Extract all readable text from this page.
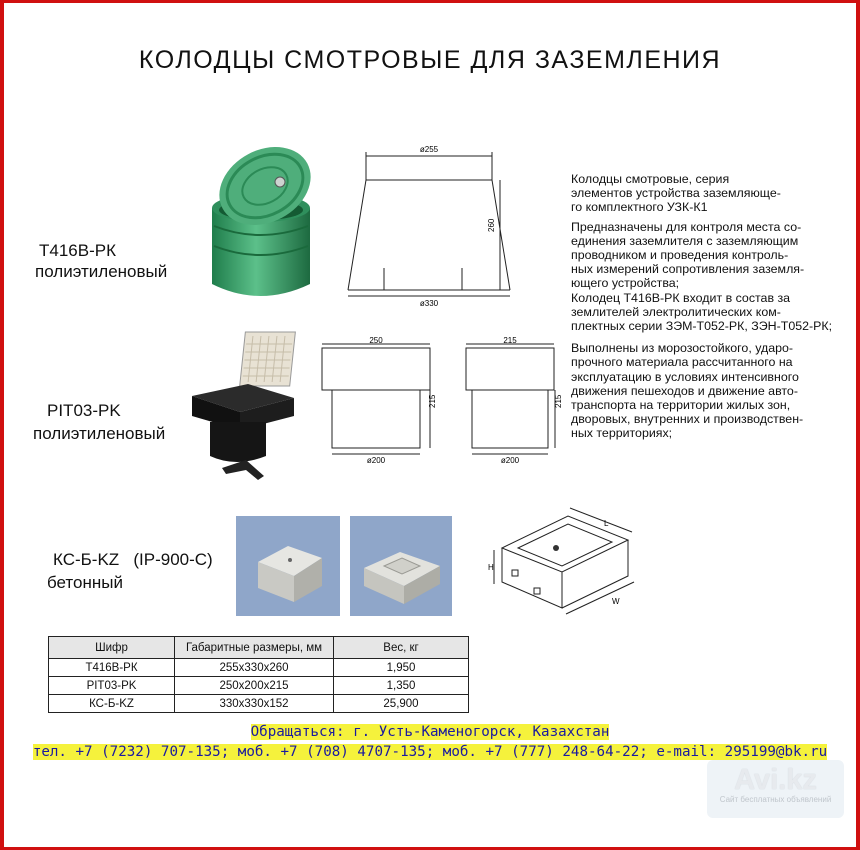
КОЛОДЦЫ СМОТРОВЫЕ ДЛЯ ЗАЗЕМЛЕНИЯ
Т416В-РК
полиэтиленовый
ø255
ø330
260
PIT03-PK
полиэтиленовый
250
ø200
215
215
ø200
215

Колодцы смотровые, серия
элементов устройства заземляюще-
го комплектного УЗК-К1

Предназначены для контроля места со-
единения заземлителя с заземляющим
проводником и проведения контроль-
ных измерений сопротивления заземля-
ющего устройства;
Колодец Т416В-РК входит в состав за
землителей электролитических ком-
плектных серии ЗЭМ-Т052-РК, ЗЭН-Т052-РК;

Выполнены из морозостойкого, ударо-
прочного материала рассчитанного на
эксплуатацию в условиях интенсивного
движения пешеходов и движение авто-
транспорта на территории жилых зон,
дворовых, внутренних и производствен-
ных территориях;

КС-Б-KZ   (IP-900-C)
бетонный
L
H
W
Шифр	Габаритные размеры, мм	Вес, кг
Т416В-РК	255х330х260	1,950
PIT03-PK	250х200х215	1,350
КС-Б-KZ	330х330х152	25,900
Обращаться: г. Усть-Каменогорск, Казахстан
тел. +7 (7232) 707-135; моб. +7 (708) 4707-135; моб. +7 (777) 248-64-22; e-mail: 295199@bk.ru
Avi.kz
Сайт бесплатных объявлений
